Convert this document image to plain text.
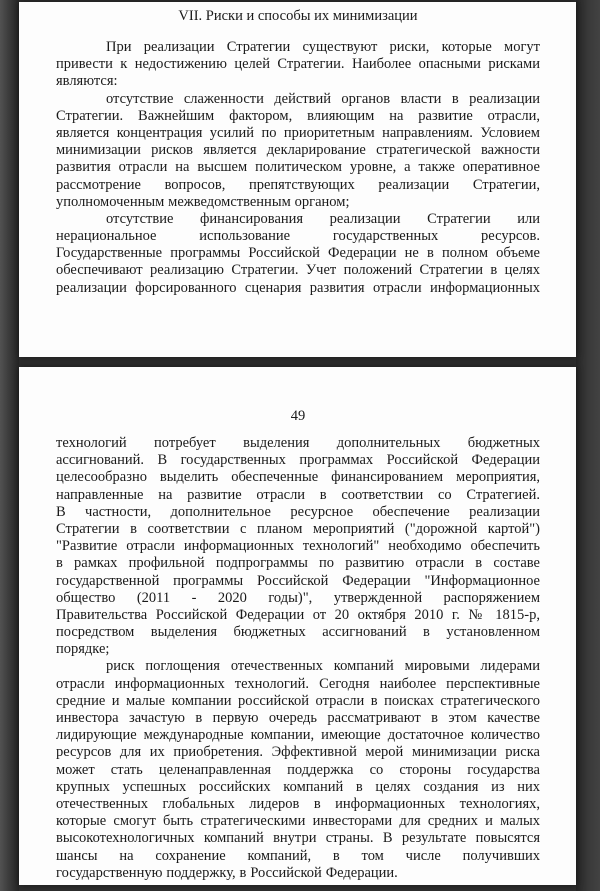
VII. Риски и способы их минимизации
При реализации Стратегии существуют риски, которые могут
привести к недостижению целей Стратегии. Наиболее опасными рисками
являются:
отсутствие слаженности действий органов власти в реализации
Стратегии. Важнейшим фактором, влияющим на развитие отрасли,
является концентрация усилий по приоритетным направлениям. Условием
минимизации рисков является декларирование стратегической важности
развития отрасли на высшем политическом уровне, а также оперативное
рассмотрение вопросов, препятствующих реализации Стратегии,
уполномоченным межведомственным органом;
отсутствие финансирования реализации Стратегии или
нерациональное использование государственных ресурсов.
Государственные программы Российской Федерации не в полном объеме
обеспечивают реализацию Стратегии. Учет положений Стратегии в целях
реализации форсированного сценария развития отрасли информационных
49
технологий потребует выделения дополнительных бюджетных
ассигнований. В государственных программах Российской Федерации
целесообразно выделить обеспеченные финансированием мероприятия,
направленные на развитие отрасли в соответствии со Стратегией.
В частности, дополнительное ресурсное обеспечение реализации
Стратегии в соответствии с планом мероприятий ("дорожной картой")
"Развитие отрасли информационных технологий" необходимо обеспечить
в рамках профильной подпрограммы по развитию отрасли в составе
государственной программы Российской Федерации "Информационное
общество (2011 - 2020 годы)", утвержденной распоряжением
Правительства Российской Федерации от 20 октября 2010 г. № 1815-р,
посредством выделения бюджетных ассигнований в установленном
порядке;
риск поглощения отечественных компаний мировыми лидерами
отрасли информационных технологий. Сегодня наиболее перспективные
средние и малые компании российской отрасли в поисках стратегического
инвестора зачастую в первую очередь рассматривают в этом качестве
лидирующие международные компании, имеющие достаточное количество
ресурсов для их приобретения. Эффективной мерой минимизации риска
может стать целенаправленная поддержка со стороны государства
крупных успешных российских компаний в целях создания из них
отечественных глобальных лидеров в информационных технологиях,
которые смогут быть стратегическими инвесторами для средних и малых
высокотехнологичных компаний внутри страны. В результате повысятся
шансы на сохранение компаний, в том числе получивших
государственную поддержку, в Российской Федерации.
